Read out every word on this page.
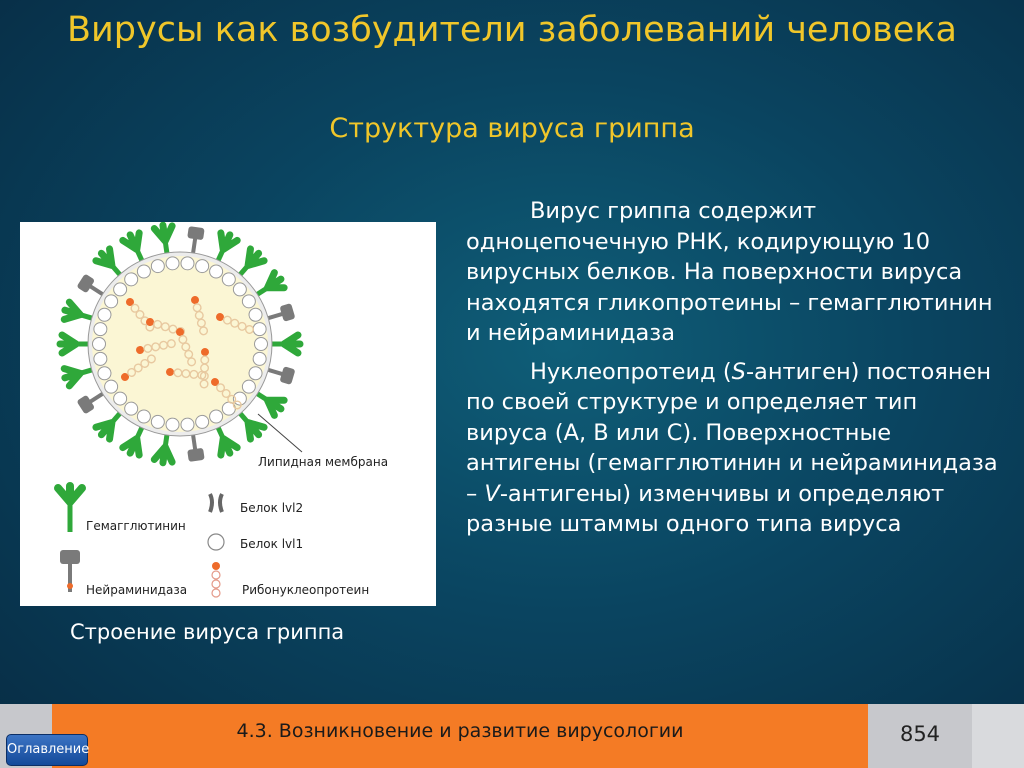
Вирусы как возбудители заболеваний человека
Структура вируса гриппа
Липидная мембрана
Гемагглютинин
Нейраминидаза
Белок lvl2
Белок lvl1
Рибонуклеопротеин
Строение вируса гриппа

Вирус гриппа содержит одноцепочечную РНК, кодирующую 10 вирусных белков. На поверхности вируса находятся гликопротеины – гемагглютинин и нейраминидаза

Нуклеопротеид (S-антиген) постоянен по своей структуре и определяет тип вируса (A, B или C). Поверхностные антигены (гемагглютинин и нейраминидаза – V-антигены) изменчивы и определяют разные штаммы одного типа вируса

4.3. Возникновение и развитие вирусологии	854
Оглавление
